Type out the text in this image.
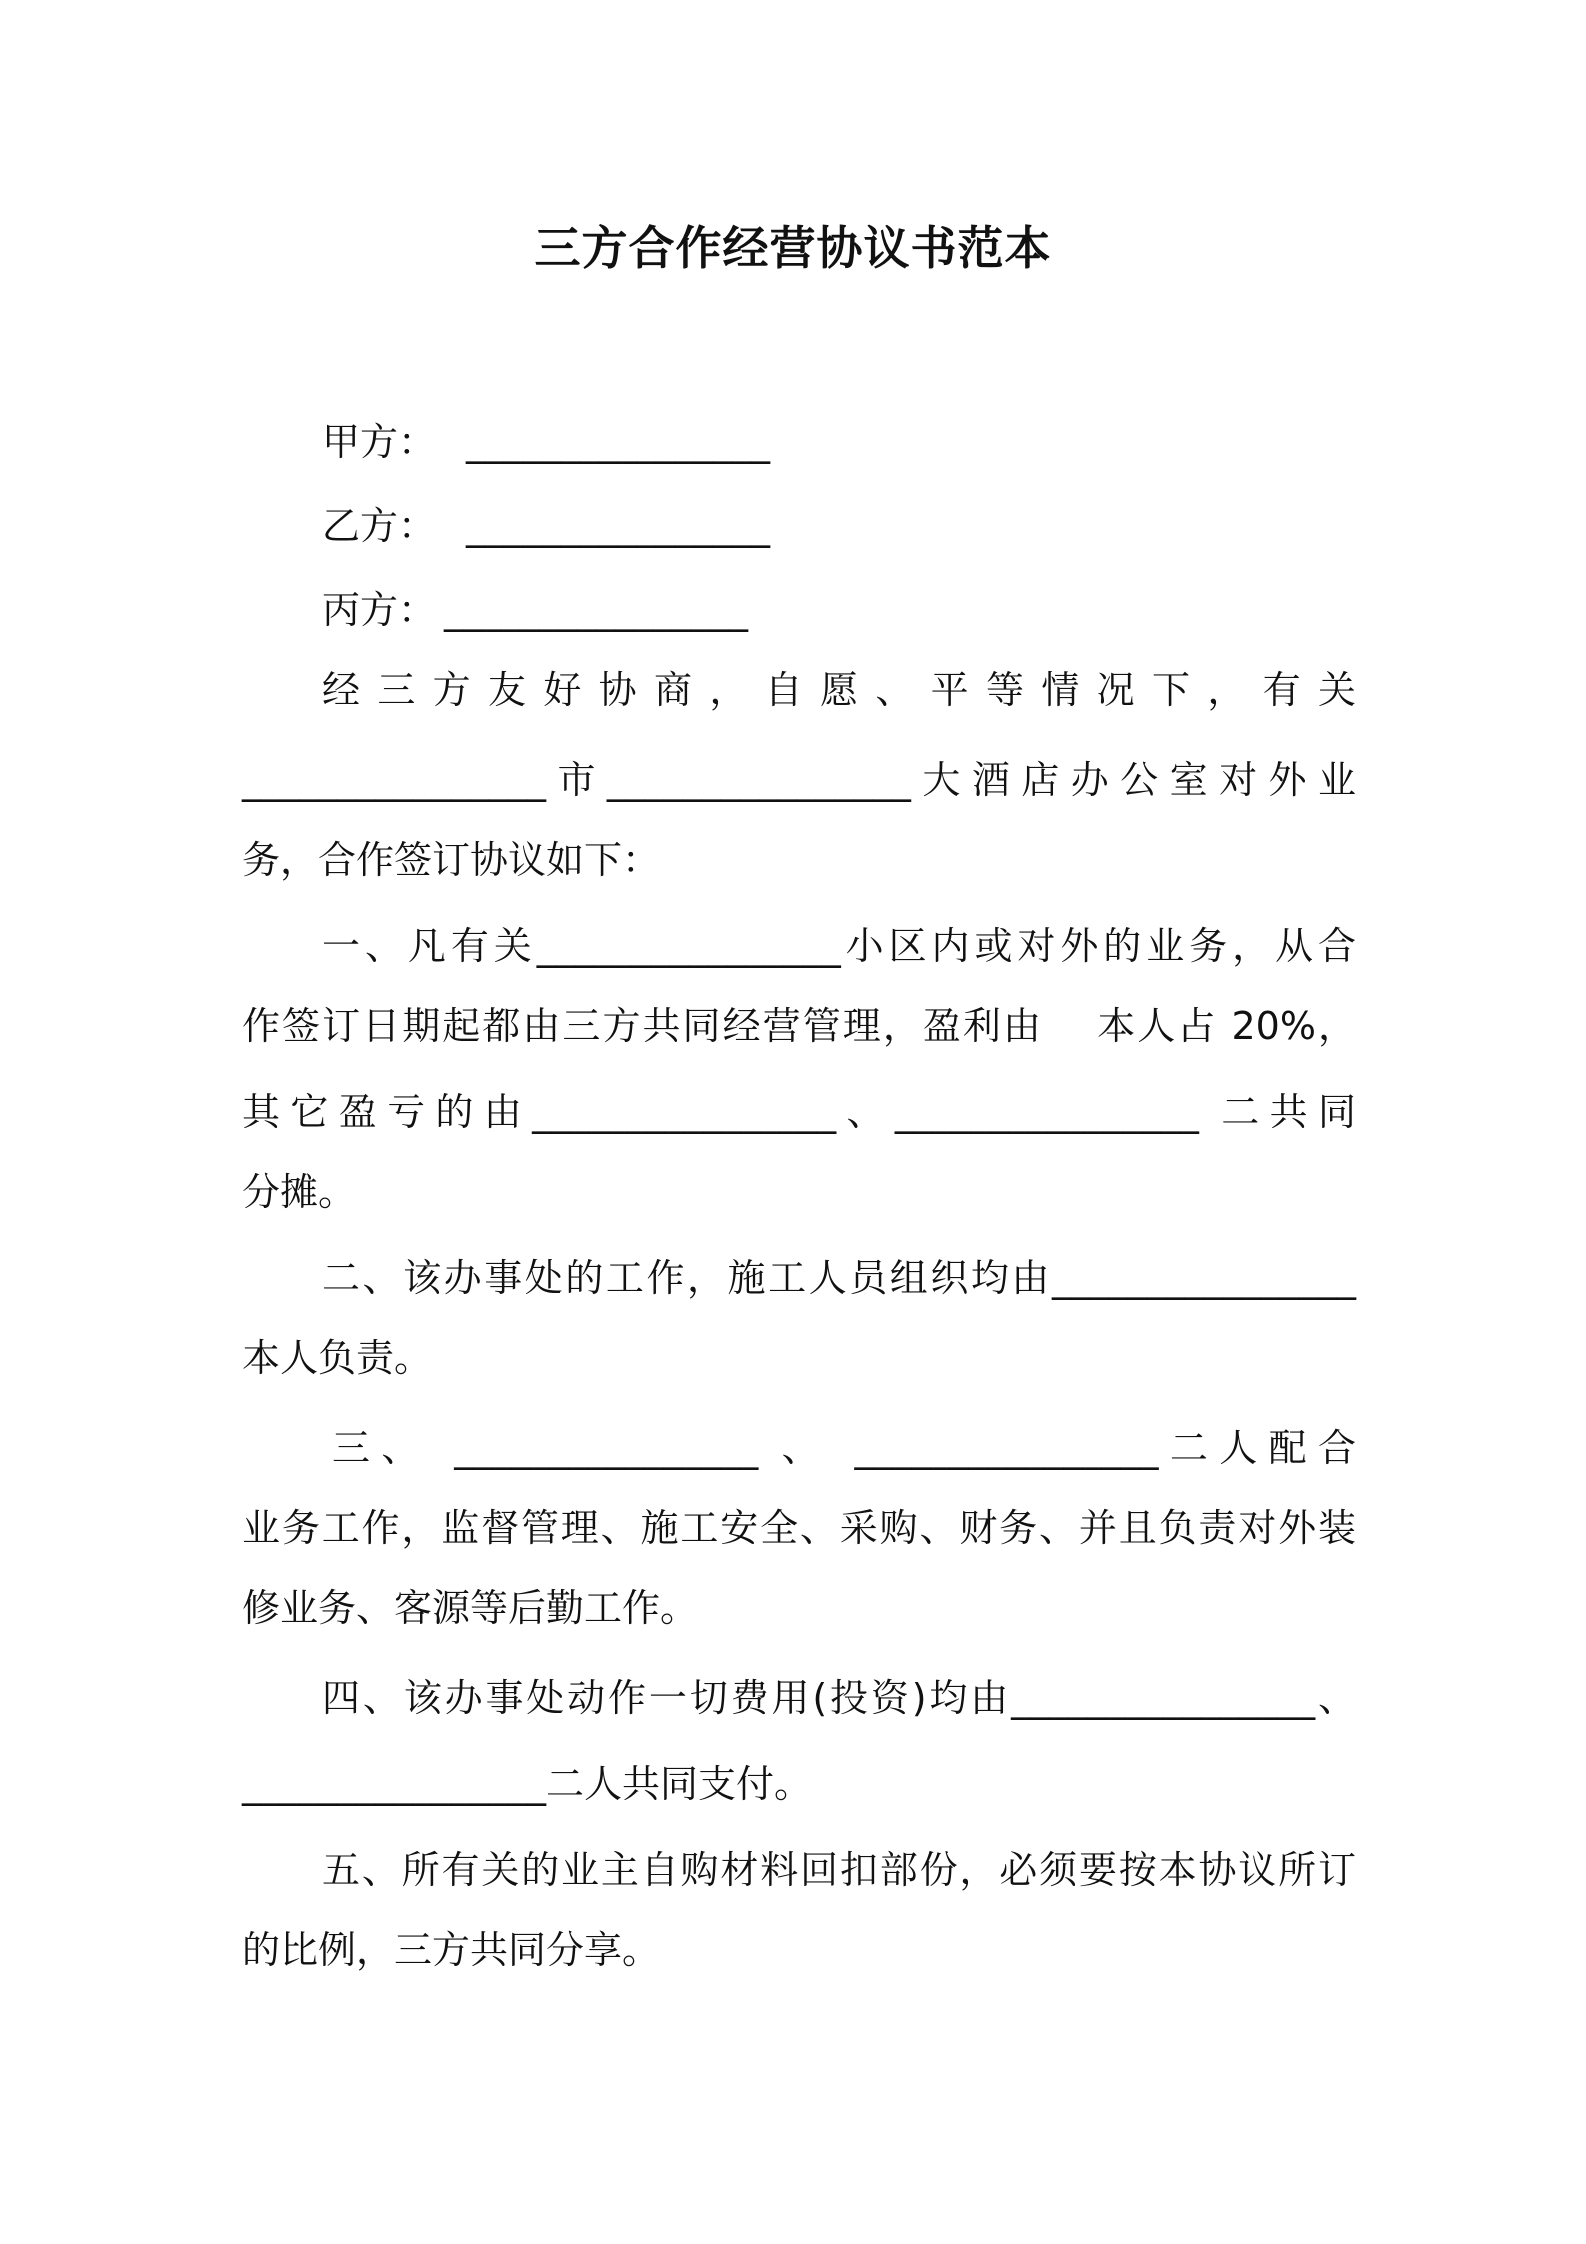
三方合作经营协议书范本

甲方： ________________

乙方： ________________

丙方： ________________

经 三 方 友 好 协 商 ， 自 愿 、 平 等 情 况 下 ， 有 关

________________市________________大酒店办公室对外业

务，合作签订协议如下：

一、凡有关________________小区内或对外的业务，从合

作签订日期起都由三方共同经营管理，盈利由　 本人占 20%，

其它盈亏的由________________、________________ 二共同

分摊。

二、该办事处的工作，施工人员组织均由________________

本人负责。

三、 ________________ 、 ________________二人配合

业务工作，监督管理、施工安全、采购、财务、并且负责对外装

修业务、客源等后勤工作。

四、该办事处动作一切费用(投资)均由________________、

________________二人共同支付。

五、所有关的业主自购材料回扣部份，必须要按本协议所订

的比例，三方共同分享。
